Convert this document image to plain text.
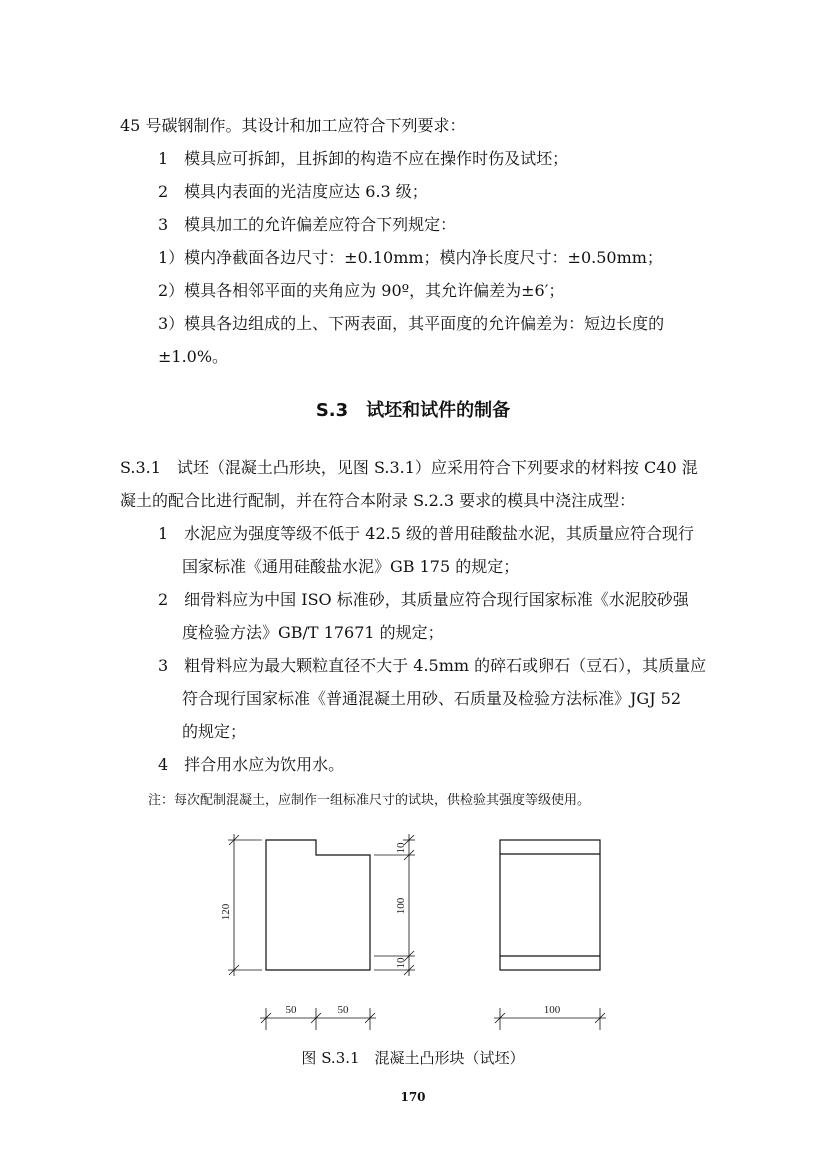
45 号碳钢制作。其设计和加工应符合下列要求：
1　模具应可拆卸，且拆卸的构造不应在操作时伤及试坯；
2　模具内表面的光洁度应达 6.3 级；
3　模具加工的允许偏差应符合下列规定：
1）模内净截面各边尺寸：±0.10mm；模内净长度尺寸：±0.50mm；
2）模具各相邻平面的夹角应为 90º，其允许偏差为±6′；
3）模具各边组成的上、下两表面，其平面度的允许偏差为：短边长度的
±1.0%。
S.3　试坯和试件的制备
S.3.1　试坯（混凝土凸形块，见图 S.3.1）应采用符合下列要求的材料按 C40 混
凝土的配合比进行配制，并在符合本附录 S.2.3 要求的模具中浇注成型：
1　水泥应为强度等级不低于 42.5 级的普用硅酸盐水泥，其质量应符合现行
国家标准《通用硅酸盐水泥》GB 175 的规定；
2　细骨料应为中国 ISO 标准砂，其质量应符合现行国家标准《水泥胶砂强
度检验方法》GB/T 17671 的规定；
3　粗骨料应为最大颗粒直径不大于 4.5mm 的碎石或卵石（豆石），其质量应
符合现行国家标准《普通混凝土用砂、石质量及检验方法标准》JGJ 52
的规定；
4　拌合用水应为饮用水。
注：每次配制混凝土，应制作一组标准尺寸的试块，供检验其强度等级使用。
120
10
100
10
50	50	100
图 S.3.1　混凝土凸形块（试坯）
170
